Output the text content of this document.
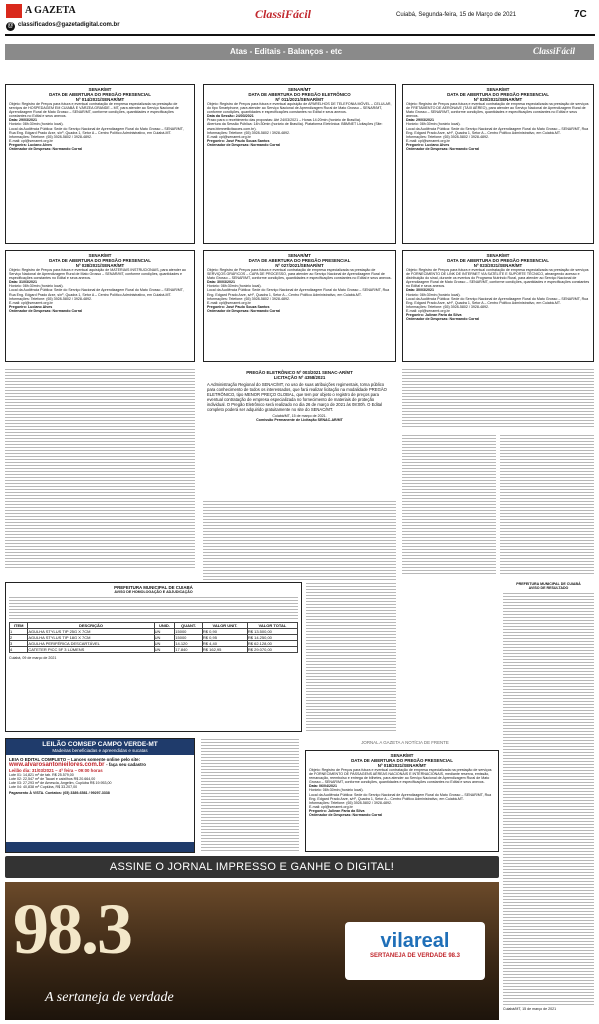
A GAZETA
@ classificados@gazetadigital.com.br
ClassiFácil	Cuiabá, Segunda-feira, 15 de Março de 2021	7C
Atas - Editais - Balanços - etc	ClassiFácil
SENAR/MT
DATA DE ABERTURA DO PREGÃO PRESENCIAL
Nº 014/2021/SENAR/MT
Objeto: Registro de Preços para futura e eventual contratação de empresa especializada na prestação de serviços de HOSPEDAGEM EM CUIABÁ E VÁRZEA GRANDE – MT, para atender ao Serviço Nacional de Aprendizagem Rural de Mato Grosso – SENAR/MT, conforme condições, quantidades e especificações constantes no Edital e seus anexos.
Data: 29/03/2021
Horário: 08h:30min (horário local).
Local da Audiência Pública: Sede do Serviço Nacional de Aprendizagem Rural do Mato Grosso – SENAR/MT, Rua Eng. Edgard Prado Arze, s/nº, Quadra 1, Setor A – Centro Político Administrativo, em Cuiabá-MT.
Informações: Telefone: (65) 3928-5802 / 3928-4892.
E-mail: cpl@senarmt.org.br
Pregoeira: Luciano Alves
Ordenador de Despesas: Normando Corral
SENAR/MT
DATA DE ABERTURA DO PREGÃO ELETRÔNICO
Nº 011/2021/SENAR/MT
Objeto: Registro de Preços para futura e eventual aquisição de APARELHOS DE TELEFONIA MÓVEL – CELULAR, do tipo Smartphone, para atender ao Serviço Nacional de Aprendizagem Rural de Mato Grosso – SENAR/MT, conforme condições, quantidades e especificações constantes no Edital e seus anexos.
Data da Sessão: 24/03/2021
Prazo para o recebimento das propostas: Até 24/03/2021 – Horas 14:20min (horário de Brasília).
Abertura da Sessão Pública: 14h:30min (horário de Brasília). Plataforma Eletrônica: BBMNET Licitações (Site: www.bbmnetlicitacoes.com.br).
Informações: Telefone: (65) 3928-5802 / 3928-4892.
E-mail: cpl@senarmt.org.br
Pregoeiro: José Paulo Souza Santos
Ordenador de Despesas: Normando Corral
SENAR/MT
DATA DE ABERTURA DO PREGÃO PRESENCIAL
Nº 020/2021/SENAR/MT
Objeto: Registro de Preços para futura e eventual contratação de empresa especializada na prestação de serviços de FRETAMENTO DE AERONAVE (TÁXI AÉREO), para atender ao Serviço Nacional de Aprendizagem Rural de Mato Grosso – SENAR/MT, conforme condições, quantidades e especificações constantes no Edital e seus anexos.
Data: 29/03/2021
Horário: 08h:30min (horário local).
Local da Audiência Pública: Sede do Serviço Nacional de Aprendizagem Rural do Mato Grosso – SENAR/MT, Rua Eng. Edgard Prado Arze, s/nº, Quadra 1, Setor A – Centro Político Administrativo, em Cuiabá-MT.
Informações: Telefone: (65) 3928-5802 / 3928-4892.
E-mail: cpl@senarmt.org.br
Pregoeiro: Luciano Alves
Ordenador de Despesas: Normando Corral
SENAR/MT
DATA DE ABERTURA DO PREGÃO PRESENCIAL
Nº 028/2021/SENAR/MT
Objeto: Registro de Preços para futura e eventual aquisição de MATERIAIS INSTRUCIONAIS, para atender ao Serviço Nacional de Aprendizagem Rural de Mato Grosso – SENAR/MT, conforme condições, quantidades e especificações constantes no Edital e seus anexos.
Data: 31/03/2021
Horário: 08h:30min (horário local).
Local da Audiência Pública: Sede do Serviço Nacional de Aprendizagem Rural do Mato Grosso – SENAR/MT, Rua Eng. Edgard Prado Arze, s/nº, Quadra 1, Setor A – Centro Político Administrativo, em Cuiabá-MT.
Informações: Telefone: (65) 3928-5802 / 3928-4892.
E-mail: cpl@senarmt.org.br
Pregoeiro: Luciano Alves
Ordenador de Despesas: Normando Corral
SENAR/MT
DATA DE ABERTURA DO PREGÃO PRESENCIAL
Nº 027/2021/SENAR/MT
Objeto: Registro de Preços para futura e eventual contratação de empresa especializada na prestação de SERVIÇOS GRÁFICOS – CAPA DE PROCESSO, para atender ao Serviço Nacional de Aprendizagem Rural de Mato Grosso – SENAR/MT, conforme condições, quantidades e especificações constantes no Edital e seus anexos.
Data: 30/03/2021
Horário: 08h:30min (horário local).
Local da Audiência Pública: Sede do Serviço Nacional de Aprendizagem Rural do Mato Grosso – SENAR/MT, Rua Eng. Edgard Prado Arze, s/nº, Quadra 1, Setor A – Centro Político Administrativo, em Cuiabá-MT.
Informações: Telefone: (65) 3928-5802 / 3928-4892.
E-mail: cpl@senarmt.org.br
Pregoeiro: José Paulo Souza Santos
Ordenador de Despesas: Normando Corral
SENAR/MT
DATA DE ABERTURA DO PREGÃO PRESENCIAL
Nº 023/2021/SENAR/MT
Objeto: Registro de Preços para futura e eventual contratação de empresa especializada na prestação de serviços de FORNECIMENTO DE LINK DE INTERNET VIA SATÉLITE E SUPORTE TÉCNICO, abrangendo acesso e distribuição do sinal, durante os eventos do Programa Nutrindo Rural, para atender ao Serviço Nacional de Aprendizagem Rural de Mato Grosso – SENAR/MT, conforme condições, quantidades e especificações constantes no Edital e seus anexos.
Data: 30/03/2021
Horário: 08h:30min (horário local).
Local da Audiência Pública: Sede do Serviço Nacional de Aprendizagem Rural do Mato Grosso – SENAR/MT, Rua Eng. Edgard Prado Arze, s/nº, Quadra 1, Setor A – Centro Político Administrativo, em Cuiabá-MT.
Informações: Telefone: (65) 3928-5802 / 3928-4892.
E-mail: cpl@senarmt.org.br
Pregoeiro: Juliean Faria da Silva
Ordenador de Despesas: Normando Corral
PREGÃO ELETRÔNICO Nº 003/2021 SENAC-AR/MT
LICITAÇÃO Nº 4358/2021
A Administração Regional do SENAC/MT, no uso de suas atribuições regimentais, torna público para conhecimento de todos os interessados, que fará realizar licitação na modalidade PREGÃO ELETRÔNICO, tipo MENOR PREÇO GLOBAL, que tem por objeto o registro de preços para eventual contratação de empresa especializada no fornecimento de materiais de proteção individual. O Pregão Eletrônico será realizado no dia 26 de março de 2021 às 08:00h. O Edital completo poderá ser adquirido gratuitamente no site do SENAC/MT.
Cuiabá/MT, 15 de março de 2021.
Comissão Permanente de Licitação SENAC-AR/MT
PREFEITURA MUNICIPAL DE CUIABÁ
AVISO DE HOMOLOGAÇÃO E ADJUDICAÇÃO
ITEM	DESCRIÇÃO	UNID.	QUANT.	VALOR UNIT.	VALOR TOTAL
1	AGULHA STYLUS TIP 25G X 7CM	UN	15000	R$ 0,90	R$ 13.500,00
2	AGULHA STYLUS TIP 18G X 7CM	UN	15000	R$ 0,95	R$ 14.250,00
3	AGULHA PERIFÉRICA DESCARTÁVEL	UN	14.120	R$ 4,40	R$ 62.128,00
4	CATETER PICC 5F 3 LÚMENS	UN	17.840	R$ 162,95	R$ 29.070,00
Cuiabá, 09 de março de 2021
LEILÃO COMSEP CAMPO VERDE-MT
Madeiras beneficiadas e apreendidas e sucatas
LEIA O EDITAL COMPLETO – Lances somente online pelo site:
www.alvarosantonieilores.com.br - faça seu cadastro
Leilão dia: 31/03/2021 – 4ª feira – 09:00 horas
Lote 01: 14,821 m³ de tab. R$ 25.579,00
Lote 02: 22,547 m³ de Tauari e caixilhos R$ 20.664,00
Lote 03: 27,293 m³ de Amescla, Angelim, Cupiúba R$ 19.953,00
Lote 04: 40,838 m³ Cupiúba, R$ 33.207,00
Pagamento À VISTA. Contatos: (65) 3389-6581 / 99297-3338
JORNAL A GAZETA A NOTÍCIA DE FRENTE
SENAR/MT
DATA DE ABERTURA DO PREGÃO PRESENCIAL
Nº 018/2021/SENAR/MT
Objeto: Registro de Preços para futura e eventual contratação de empresa especializada na prestação de serviços de FORNECIMENTO DE PASSAGENS AÉREAS NACIONAIS E INTERNACIONAIS, mediante reserva, emissão, remarcação, reembolso e entrega de bilhetes, para atender ao Serviço Nacional de Aprendizagem Rural de Mato Grosso – SENAR/MT, conforme condições, quantidades e especificações constantes no Edital e seus anexos.
Data: 06/04/2021
Horário: 08h:30min (horário local).
Local da Audiência Pública: Sede do Serviço Nacional de Aprendizagem Rural do Mato Grosso – SENAR/MT, Rua Eng. Edgard Prado Arze, s/nº, Quadra 1, Setor A – Centro Político Administrativo, em Cuiabá-MT.
Informações: Telefone: (65) 3928-5802 / 3928-4892.
E-mail: cpl@senarmt.org.br
Pregoeiro: Juliean Faria da Silva
Ordenador de Despesas: Normando Corral
PREFEITURA MUNICIPAL DE CUIABÁ
AVISO DE RESULTADO
Cuiabá/MT, 15 de março de 2021
ASSINE O JORNAL IMPRESSO E GANHE O DIGITAL!
98.3
A sertaneja de verdade
vilareal
SERTANEJA DE VERDADE 98.3
